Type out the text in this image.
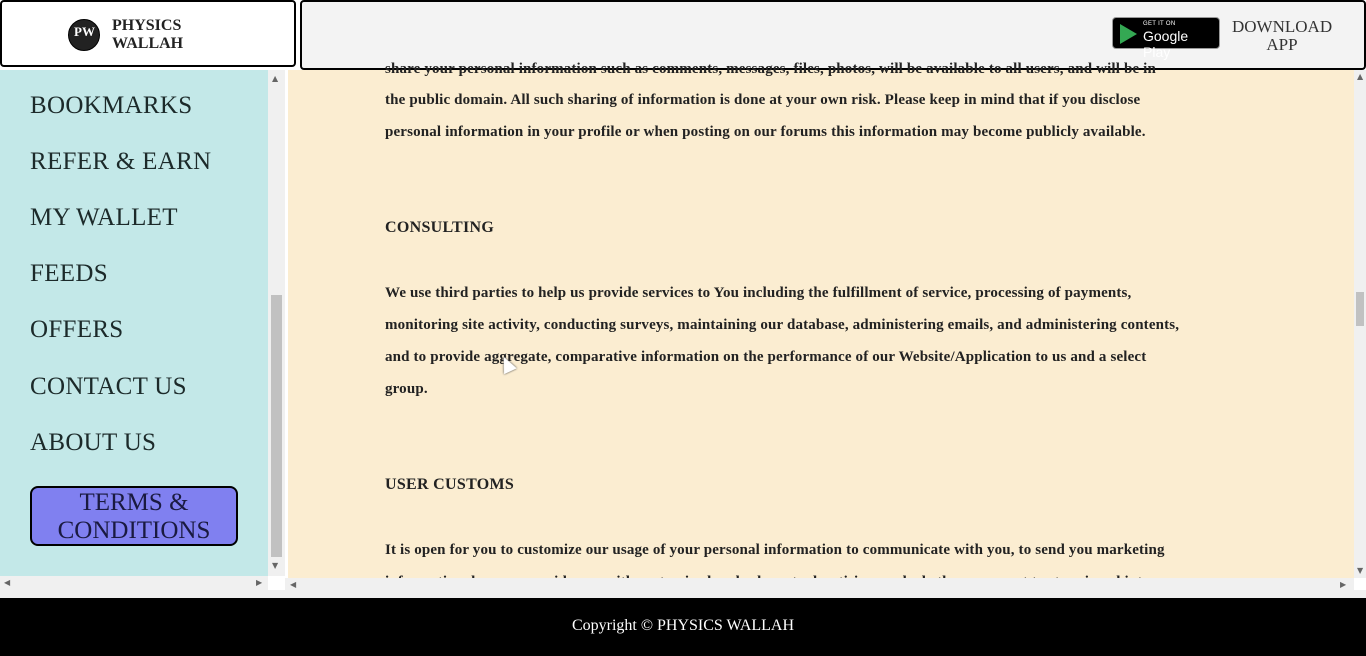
PW PHYSICS
WALLAH
GET IT ON
Google Play
DOWNLOAD
APP
BOOKMARKS
REFER & EARN
MY WALLET
FEEDS
OFFERS
CONTACT US
ABOUT US
TERMS &
CONDITIONS
▲
▼
◀	▶
share your personal information such as comments, messages, files, photos, will be available to all users, and will be in
the public domain. All such sharing of information is done at your own risk. Please keep in mind that if you disclose
personal information in your profile or when posting on our forums this information may become publicly available.
CONSULTING
We use third parties to help us provide services to You including the fulfillment of service, processing of payments,
monitoring site activity, conducting surveys, maintaining our database, administering emails, and administering contents,
and to provide aggregate, comparative information on the performance of our Website/Application to us and a select
group.
USER CUSTOMS
It is open for you to customize our usage of your personal information to communicate with you, to send you marketing
▲
▼
◀	▶
Copyright © PHYSICS WALLAH
